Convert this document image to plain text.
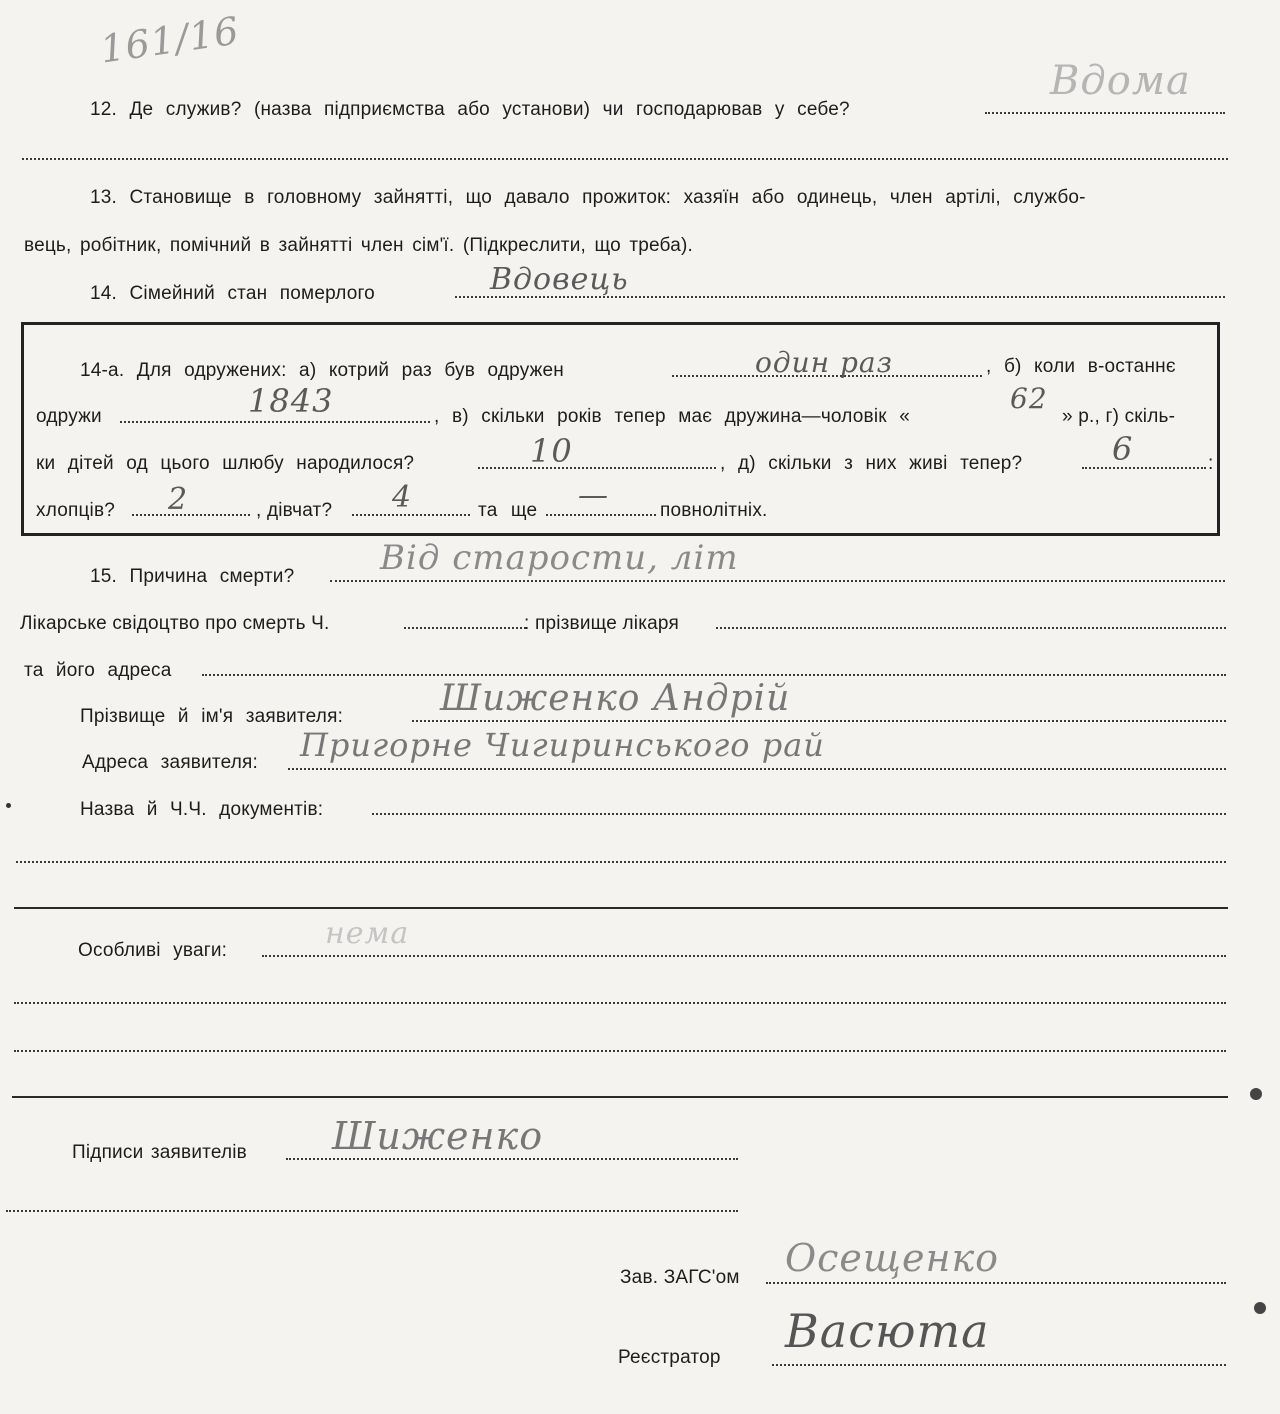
161/16
12. Де служив? (назва підприємства або установи) чи господарював у себе?
Вдома
13. Становище в головному зайнятті, що давало прожиток: хазяїн або одинець, член артілі, службо-
вець, робітник, помічний в зайнятті член сім'ї. (Підкреслити, що треба).
14. Сімейний стан померлого	Вдовець
14-а. Для одружених: а) котрий раз був одружен	один раз	, б) коли в-останнє
одружи	1843	, в) скільки років тепер має дружина—чоловік «
62
» р., г) скіль-
ки дітей од цього шлюбу народилося?	10	, д) скільки з них живі тепер?	6	:
хлопців? 2	, дівчат? 4	та ще —	повнолітніх.
15. Причина смерти?	Від старости, літ
Лікарське свідоцтво про смерть Ч.	: прізвище лікаря
та його адреса
Прізвище й ім'я заявителя:	Шиженко Андрій
Адреса заявителя: Пригорне Чигиринського рай
Назва й Ч.Ч. документів:
Особливі уваги:	нема
Підписи заявителів Шиженко
Зав. ЗАГС'ом Осещенко
Реєстратор Васюта
